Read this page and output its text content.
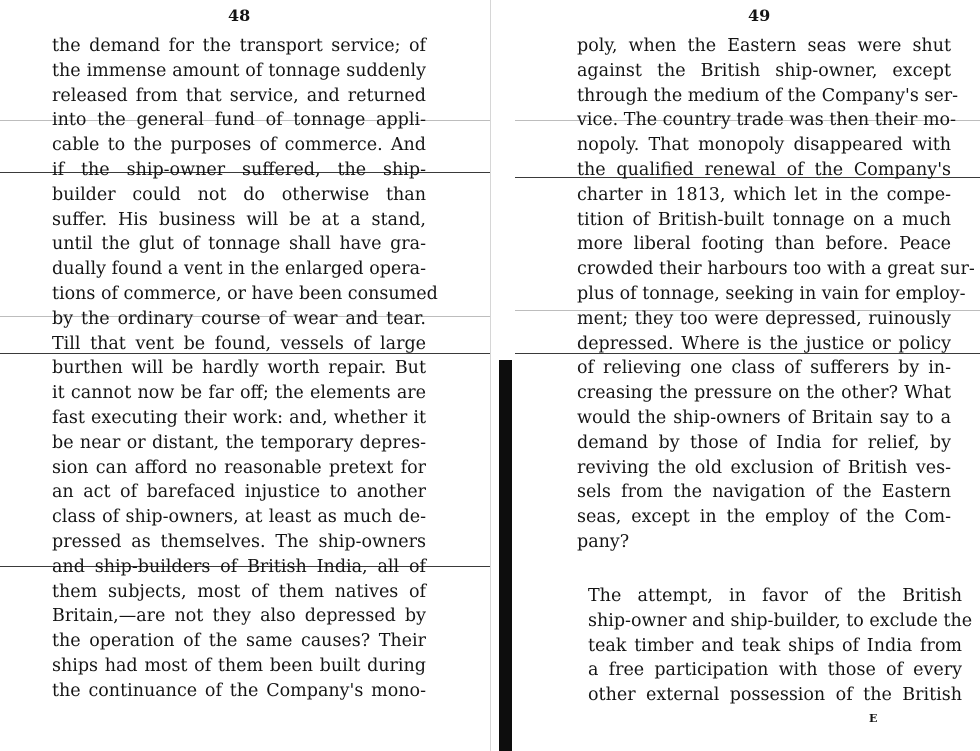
48
the demand for the transport service; of
the immense amount of tonnage suddenly
released from that service, and returned
into the general fund of tonnage appli-
cable to the purposes of commerce. And
if the ship-owner suffered, the ship-
builder could not do otherwise than
suffer. His business will be at a stand,
until the glut of tonnage shall have gra-
dually found a vent in the enlarged opera-
tions of commerce, or have been consumed
by the ordinary course of wear and tear.
Till that vent be found, vessels of large
burthen will be hardly worth repair. But
it cannot now be far off; the elements are
fast executing their work: and, whether it
be near or distant, the temporary depres-
sion can afford no reasonable pretext for
an act of barefaced injustice to another
class of ship-owners, at least as much de-
pressed as themselves. The ship-owners
and ship-builders of British India, all of
them subjects, most of them natives of
Britain,—are not they also depressed by
the operation of the same causes? Their
ships had most of them been built during
the continuance of the Company's mono-
49
poly, when the Eastern seas were shut
against the British ship-owner, except
through the medium of the Company's ser-
vice. The country trade was then their mo-
nopoly. That monopoly disappeared with
the qualified renewal of the Company's
charter in 1813, which let in the compe-
tition of British-built tonnage on a much
more liberal footing than before. Peace
crowded their harbours too with a great sur-
plus of tonnage, seeking in vain for employ-
ment; they too were depressed, ruinously
depressed. Where is the justice or policy
of relieving one class of sufferers by in-
creasing the pressure on the other? What
would the ship-owners of Britain say to a
demand by those of India for relief, by
reviving the old exclusion of British ves-
sels from the navigation of the Eastern
seas, except in the employ of the Com-
pany?
The attempt, in favor of the British
ship-owner and ship-builder, to exclude the
teak timber and teak ships of India from
a free participation with those of every
other external possession of the British
E
